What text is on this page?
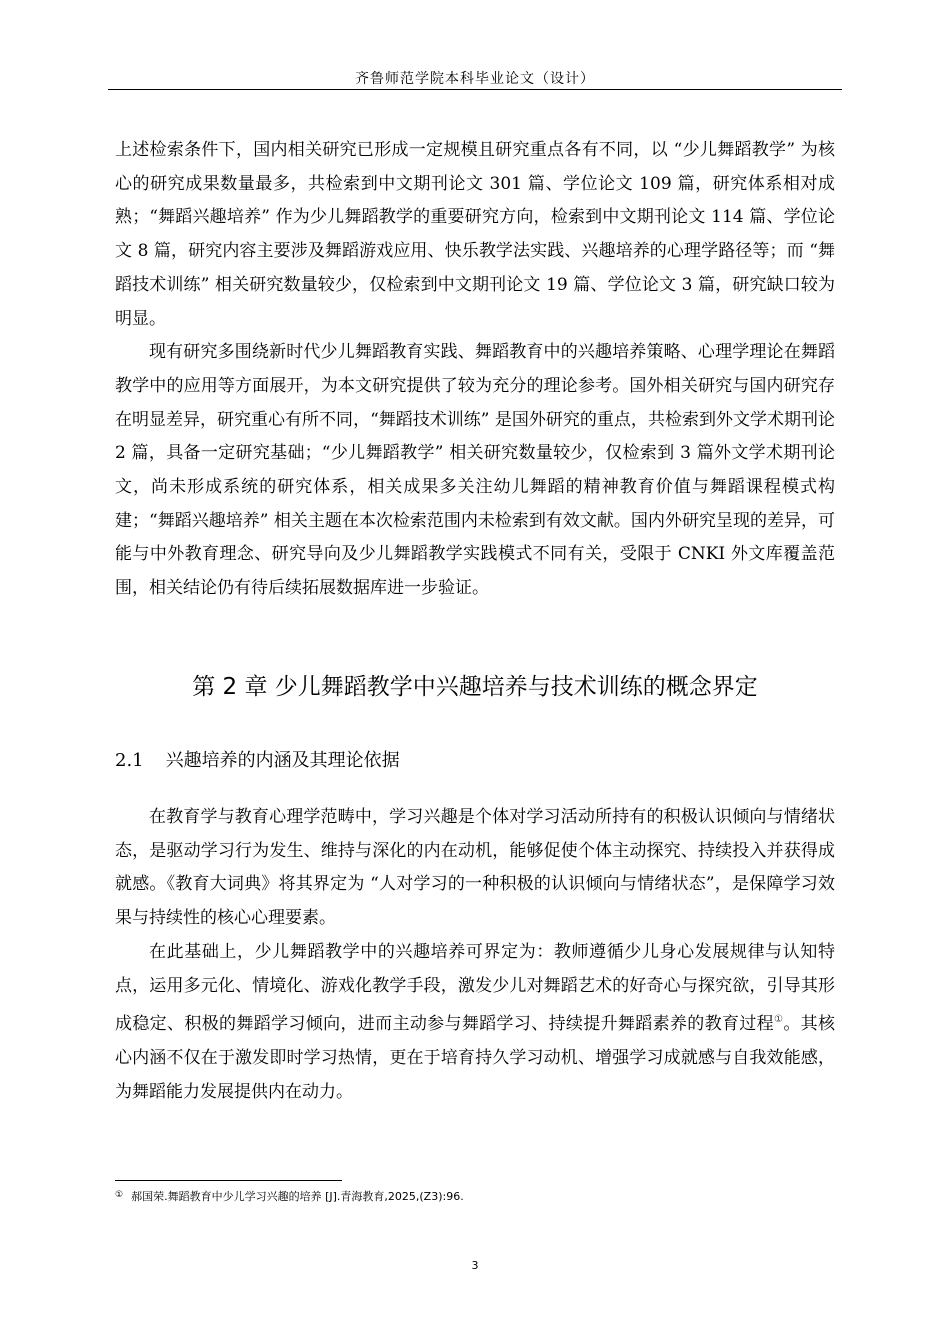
齐鲁师范学院本科毕业论文（设计）

上述检索条件下，国内相关研究已形成一定规模且研究重点各有不同，以 “少儿舞蹈教学” 为核心的研究成果数量最多，共检索到中文期刊论文 301 篇、学位论文 109 篇，研究体系相对成熟；“舞蹈兴趣培养” 作为少儿舞蹈教学的重要研究方向，检索到中文期刊论文 114 篇、学位论文 8 篇，研究内容主要涉及舞蹈游戏应用、快乐教学法实践、兴趣培养的心理学路径等；而 “舞蹈技术训练” 相关研究数量较少，仅检索到中文期刊论文 19 篇、学位论文 3 篇，研究缺口较为明显。

现有研究多围绕新时代少儿舞蹈教育实践、舞蹈教育中的兴趣培养策略、心理学理论在舞蹈教学中的应用等方面展开，为本文研究提供了较为充分的理论参考。国外相关研究与国内研究存在明显差异，研究重心有所不同，“舞蹈技术训练” 是国外研究的重点，共检索到外文学术期刊论 2 篇，具备一定研究基础；“少儿舞蹈教学” 相关研究数量较少，仅检索到 3 篇外文学术期刊论文，尚未形成系统的研究体系，相关成果多关注幼儿舞蹈的精神教育价值与舞蹈课程模式构建；“舞蹈兴趣培养” 相关主题在本次检索范围内未检索到有效文献。国内外研究呈现的差异，可能与中外教育理念、研究导向及少儿舞蹈教学实践模式不同有关，受限于 CNKI 外文库覆盖范围，相关结论仍有待后续拓展数据库进一步验证。

第 2 章 少儿舞蹈教学中兴趣培养与技术训练的概念界定
2.1 兴趣培养的内涵及其理论依据

在教育学与教育心理学范畴中，学习兴趣是个体对学习活动所持有的积极认识倾向与情绪状态，是驱动学习行为发生、维持与深化的内在动机，能够促使个体主动探究、持续投入并获得成就感。《教育大词典》将其界定为 “人对学习的一种积极的认识倾向与情绪状态”，是保障学习效果与持续性的核心心理要素。

在此基础上，少儿舞蹈教学中的兴趣培养可界定为：教师遵循少儿身心发展规律与认知特点，运用多元化、情境化、游戏化教学手段，激发少儿对舞蹈艺术的好奇心与探究欲，引导其形成稳定、积极的舞蹈学习倾向，进而主动参与舞蹈学习、持续提升舞蹈素养的教育过程①。其核心内涵不仅在于激发即时学习热情，更在于培育持久学习动机、增强学习成就感与自我效能感，为舞蹈能力发展提供内在动力。

① 郝国荣.舞蹈教育中少儿学习兴趣的培养 [J].青海教育,2025,(Z3):96.
3
